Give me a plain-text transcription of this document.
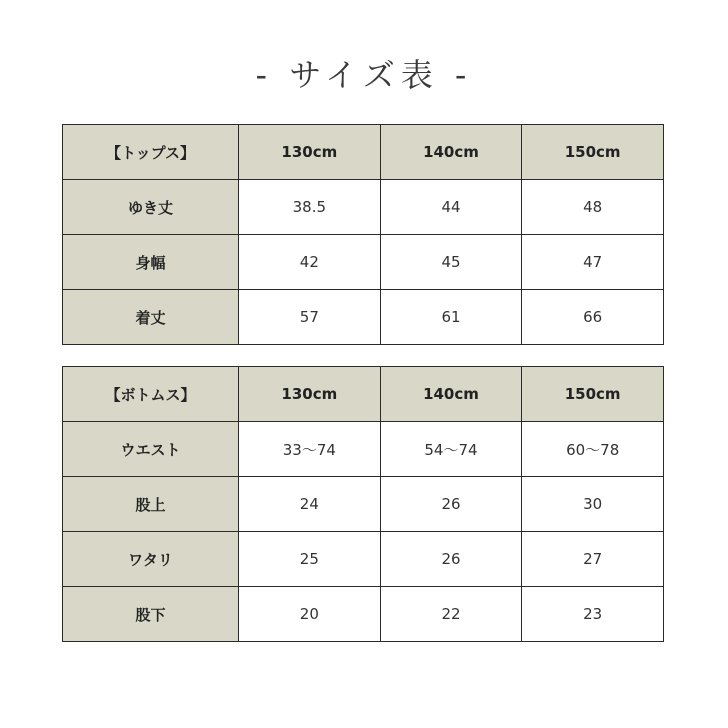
- サイズ表 -
【トップス】	130cm	140cm	150cm
ゆき丈	38.5	44	48
身幅	42	45	47
着丈	57	61	66
【ボトムス】	130cm	140cm	150cm
ウエスト	33〜74	54〜74	60〜78
股上	24	26	30
ワタリ	25	26	27
股下	20	22	23
